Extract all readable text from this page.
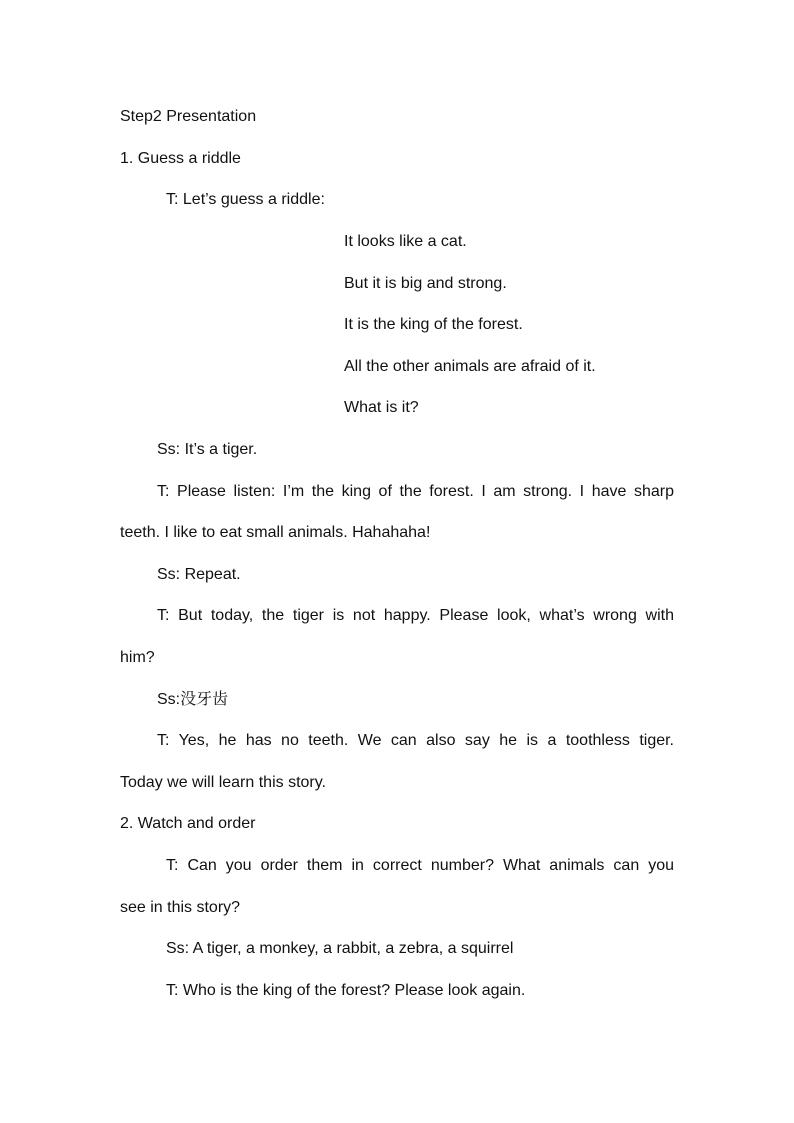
Step2 Presentation
1. Guess a riddle
T: Let’s guess a riddle:
It looks like a cat.
But it is big and strong.
It is the king of the forest.
All the other animals are afraid of it.
What is it?
Ss: It’s a tiger.
T: Please listen: I’m the king of the forest. I am strong. I have sharp
teeth. I like to eat small animals. Hahahaha!
Ss: Repeat.
T: But today, the tiger is not happy. Please look, what’s wrong with
him?
Ss:没牙齿
T: Yes, he has no teeth. We can also say he is a toothless tiger.
Today we will learn this story.
2. Watch and order
T: Can you order them in correct number? What animals can you
see in this story?
Ss: A tiger, a monkey, a rabbit, a zebra, a squirrel
T: Who is the king of the forest? Please look again.
